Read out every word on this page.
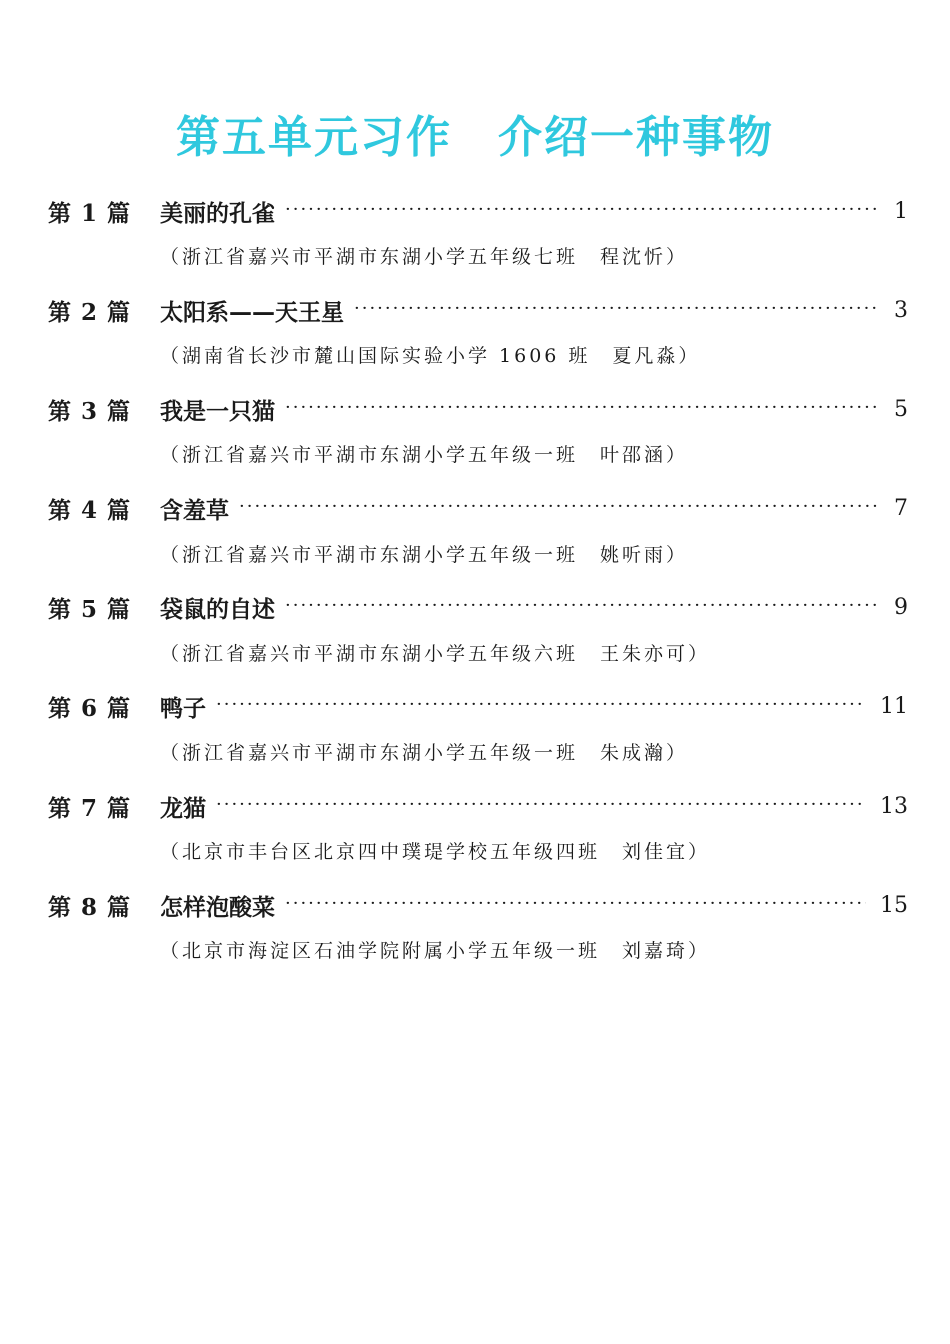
第五单元习作　介绍一种事物
第 1 篇	美丽的孔雀 ·····	1
（浙江省嘉兴市平湖市东湖小学五年级七班　程沈忻）
第 2 篇	太阳系——天王星 ·····	3
（湖南省长沙市麓山国际实验小学 1606 班　夏凡淼）
第 3 篇	我是一只猫 ·····	5
（浙江省嘉兴市平湖市东湖小学五年级一班　叶邵涵）
第 4 篇	含羞草 ·····	7
（浙江省嘉兴市平湖市东湖小学五年级一班　姚听雨）
第 5 篇	袋鼠的自述 ·····	9
（浙江省嘉兴市平湖市东湖小学五年级六班　王朱亦可）
第 6 篇	鸭子 ·····	11
（浙江省嘉兴市平湖市东湖小学五年级一班　朱成瀚）
第 7 篇	龙猫 ·····	13
（北京市丰台区北京四中璞瑅学校五年级四班　刘佳宜）
第 8 篇	怎样泡酸菜 ·····	15
（北京市海淀区石油学院附属小学五年级一班　刘嘉琦）
